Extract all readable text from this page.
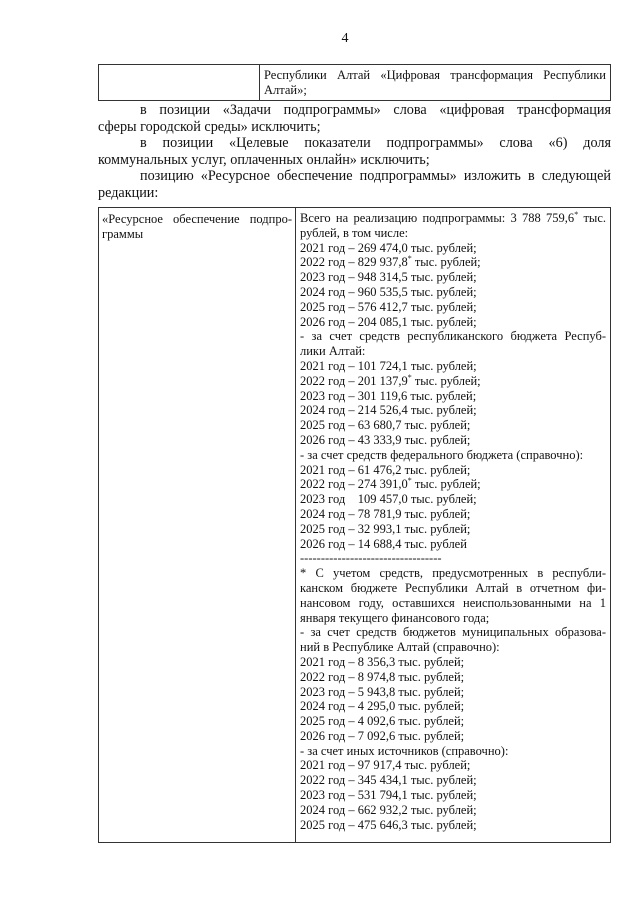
4
Республики Алтай «Цифровая трансформация Республики
Алтай»;
в позиции «Задачи подпрограммы» слова «цифровая трансформация
сферы городской среды» исключить;
в позиции «Целевые показатели подпрограммы» слова «6) доля
коммунальных услуг, оплаченных онлайн» исключить;
позицию «Ресурсное обеспечение подпрограммы» изложить в следующей
редакции:
«Ресурсное обеспечение подпро-
граммы
Всего на реализацию подпрограммы: 3 788 759,6* тыс.
рублей, в том числе:
2021 год – 269 474,0 тыс. рублей;
2022 год – 829 937,8* тыс. рублей;
2023 год – 948 314,5 тыс. рублей;
2024 год – 960 535,5 тыс. рублей;
2025 год – 576 412,7 тыс. рублей;
2026 год – 204 085,1 тыс. рублей;
- за счет средств республиканского бюджета Респуб-
лики Алтай:
2021 год – 101 724,1 тыс. рублей;
2022 год – 201 137,9* тыс. рублей;
2023 год – 301 119,6 тыс. рублей;
2024 год – 214 526,4 тыс. рублей;
2025 год – 63 680,7 тыс. рублей;
2026 год – 43 333,9 тыс. рублей;
- за счет средств федерального бюджета (справочно):
2021 год – 61 476,2 тыс. рублей;
2022 год – 274 391,0* тыс. рублей;
2023 год    109 457,0 тыс. рублей;
2024 год – 78 781,9 тыс. рублей;
2025 год – 32 993,1 тыс. рублей;
2026 год – 14 688,4 тыс. рублей
----------------------------------
* С учетом средств, предусмотренных в республи-
канском бюджете Республики Алтай в отчетном фи-
нансовом году, оставшихся неиспользованными на 1
января текущего финансового года;
- за счет средств бюджетов муниципальных образова-
ний в Республике Алтай (справочно):
2021 год – 8 356,3 тыс. рублей;
2022 год – 8 974,8 тыс. рублей;
2023 год – 5 943,8 тыс. рублей;
2024 год – 4 295,0 тыс. рублей;
2025 год – 4 092,6 тыс. рублей;
2026 год – 7 092,6 тыс. рублей;
- за счет иных источников (справочно):
2021 год – 97 917,4 тыс. рублей;
2022 год – 345 434,1 тыс. рублей;
2023 год – 531 794,1 тыс. рублей;
2024 год – 662 932,2 тыс. рублей;
2025 год – 475 646,3 тыс. рублей;
